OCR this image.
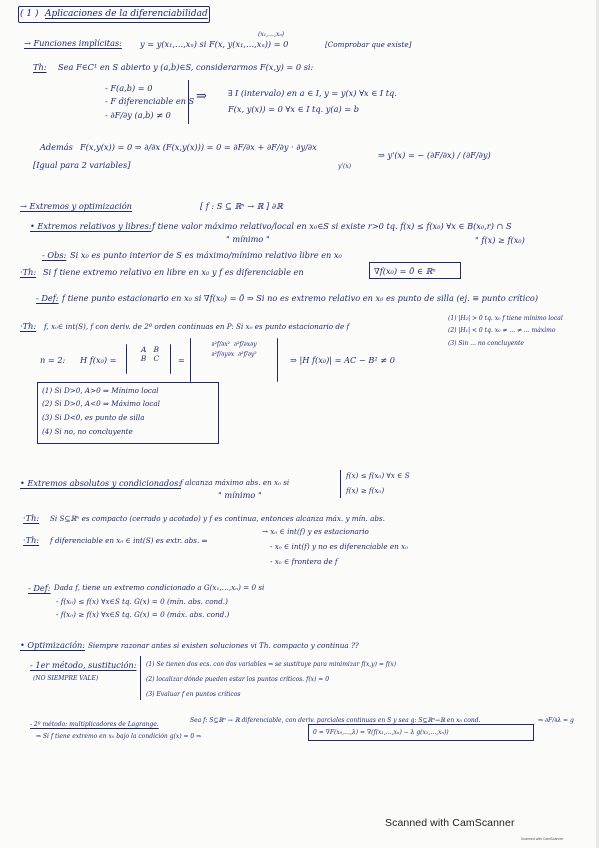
( 1 ) Aplicaciones de la diferenciabilidad
→ Funciones implícitas:
(x₁,…,xₙ)
y = y(x₁,…,xₙ) si F(x, y(x₁,…,xₙ)) = 0	[Comprobar que existe]
Th: Sea F∈C¹ en S abierto y (a,b)∈S, considerarmos F(x,y) = 0 si:
- F(a,b) = 0
- F diferenciable en S
- ∂F/∂y (a,b) ≠ 0
⇒	∃ I (intervalo) en a ∈ I, y = y(x) ∀x ∈ I tq.
F(x, y(x)) = 0 ∀x ∈ I tq. y(a) = b
Además F(x,y(x)) = 0 ⇒ ∂/∂x (F(x,y(x))) = 0 = ∂F/∂x + ∂F/∂y · ∂y/∂x
y'(x)
⇒ y'(x) = − (∂F/∂x) / (∂F/∂y)
[Igual para 2 variables]
→ Extremos y optimización	[ f : S ⊆ ℝⁿ → ℝ ] ∂ℝ
• Extremos relativos y libres: f tiene valor máximo relativo/local en x₀∈S si existe r>0 tq. f(x) ≤ f(x₀) ∀x ∈ B(x₀,r) ∩ S
" mínimo "	" f(x) ≥ f(x₀)
- Obs: Si x₀ es punto interior de S es máximo/mínimo relativo libre en x₀
·Th: Si f tiene extremo relativo en libre en x₀ y f es diferenciable en	∇f(x₀) = 0̄ ∈ ℝⁿ
- Def: f tiene punto estacionario en x₀ si ∇f(x₀) = 0̄ ⇒ Si no es extremo relativo en x₀ es punto de silla (ej. ≡ punto crítico)
·Th: f, x₀∈ int(S), f con deriv. de 2º orden continuas en P: Si x₀ es punto estacionario de f
(1) |H₂| > 0 tq. x₀ f tiene mínimo local
(2) |H₁| < 0 tq. x₀ ≠ ... ≠ ... máximo
(3) Sin ... no concluyente
n = 2: H f(x₀) =
A B
B C	=
∂²f/∂x² ∂²f/∂x∂y
∂²f/∂y∂x ∂²f/∂y²
⇒ |H f(x₀)| = AC − B² ≠ 0
(1) Si D>0, A>0 ⇒ Mínimo local
(2) Si D>0, A<0 ⇒ Máximo local
(3) Si D<0, es punto de silla
(4) Si no, no concluyente
• Extremos absolutos y condicionados:
f alcanza máximo abs. en x₀ si
" mínimo "
f(x) ≤ f(x₀) ∀x ∈ S
f(x) ≥ f(x₀)
·Th: Si S⊆ℝⁿ es compacto (cerrado y acotado) y f es continua, entonces alcanza máx. y mín. abs.
·Th: f diferenciable en x₀ ∈ int(S) es extr. abs. ⇒
→ x₀ ∈ int(f) y es estacionario
- x₀ ∈ int(f) y no es diferenciable en x₀
- x₀ ∈ frontera de f
- Def: Dada f, tiene un extremo condicionado a G(x₁,…,xₙ) = 0 si
- f(x₀) ≤ f(x) ∀x∈S tq. G(x) = 0 (mín. abs. cond.)
- f(x₀) ≥ f(x) ∀x∈S tq. G(x) = 0 (máx. abs. cond.)
• Optimización: Siempre razonar antes si existen soluciones vi Th. compacto y continua ??
- 1er método, sustitución:
(NO SIEMPRE VALE)
(1) Se tienen dos ecs. con dos variables ⇒ se sustituye para minimizar f(x,y) = f(x)
(2) localizar dónde pueden estar los puntos críticos. f(x) = 0
(3) Evaluar f en puntos críticos
- 2º método: multiplicadores de Lagrange.
Sea f: S⊆ℝⁿ → ℝ diferenciable, con deriv. parciales continuas en S y sea g: S⊆ℝⁿ→ℝ en x₀ cond.
⇒ Si f tiene extremo en x₀ bajo la condición g(x) = 0 ⇒
0 = ∇F(x₀,…,λ) = ∇(f(x₁,…,xₙ) − λ g(x₁,…,xₙ))
⇒ ∂F/∂λ = g
Scanned with CamScanner
Scanned with CamScanner
